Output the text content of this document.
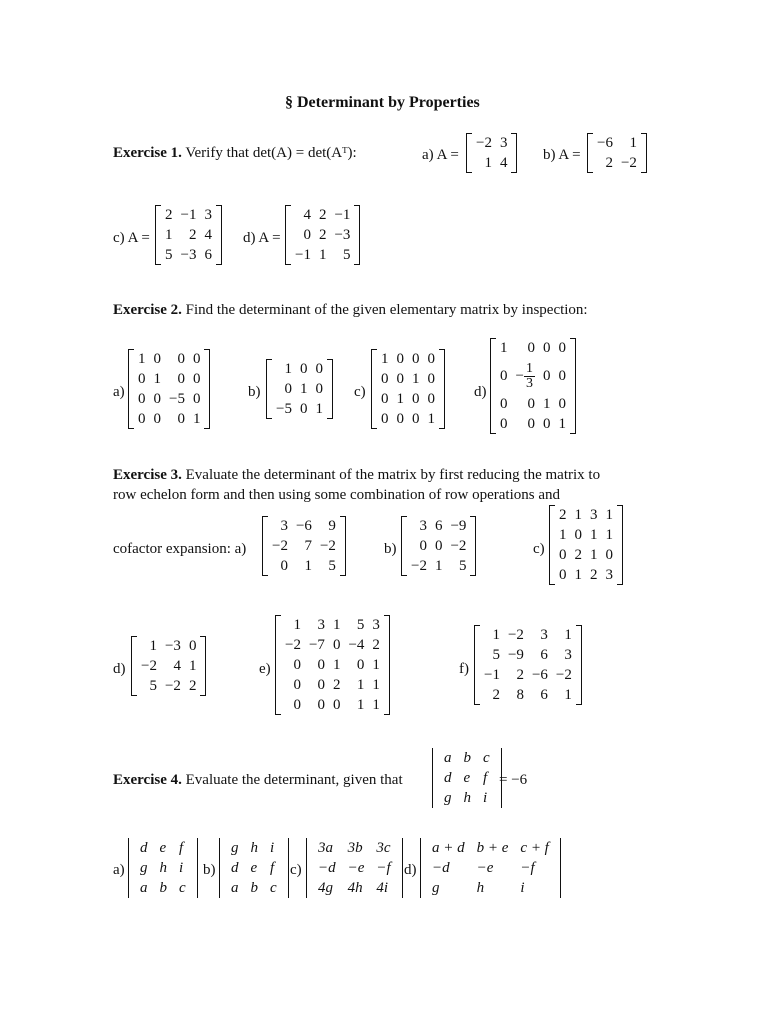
§ Determinant by Properties
Exercise 1. Verify that det(A) = det(Aᵀ):	a) A =
−2	3
1	4 b) A =
−6	1
2	−2
c) A =
2	−1	3
1	2	4
5	−3	6
d) A =
4	2	−1
0	2	−3
−1	1	5
Exercise 2. Find the determinant of the given elementary matrix by inspection:
a)
1	0	0	0
0	1	0	0
0	0	−5	0
0	0	0	1
b)
1	0	0
0	1	0
−5	0	1
c)
1	0	0	0
0	0	1	0
0	1	0	0
0	0	0	1
d)
1	0	0	0
0	− $\frac{1}{3}$	0	0
0	0	1	0
0	0	0	1
Exercise 3. Evaluate the determinant of the matrix by first reducing the matrix to
row echelon form and then using some combination of row operations and
cofactor expansion: a)
3	−6	9
−2	7	−2
0	1	5
b)
3	6	−9
0	0	−2
−2	1	5
c)
2	1	3	1
1	0	1	1
0	2	1	0
0	1	2	3
d)
1	−3	0
−2	4	1
5	−2	2
e)
1	3	1	5	3
−2	−7	0	−4	2
0	0	1	0	1
0	0	2	1	1
0	0	0	1	1
f)
1	−2	3	1
5	−9	6	3
−1	2	−6	−2
2	8	6	1
Exercise 4. Evaluate the determinant, given that
a	b	c
d	e	f
g	h	i
= −6
a)
d	e	f
g	h	i
a	b	c
b)
g	h	i
d	e	f
a	b	c
c)
3a	3b	3c
−d	−e	−f
4g	4h	4i
d)
a + d	b + e	c + f
−d	−e	−f
g	h	i
